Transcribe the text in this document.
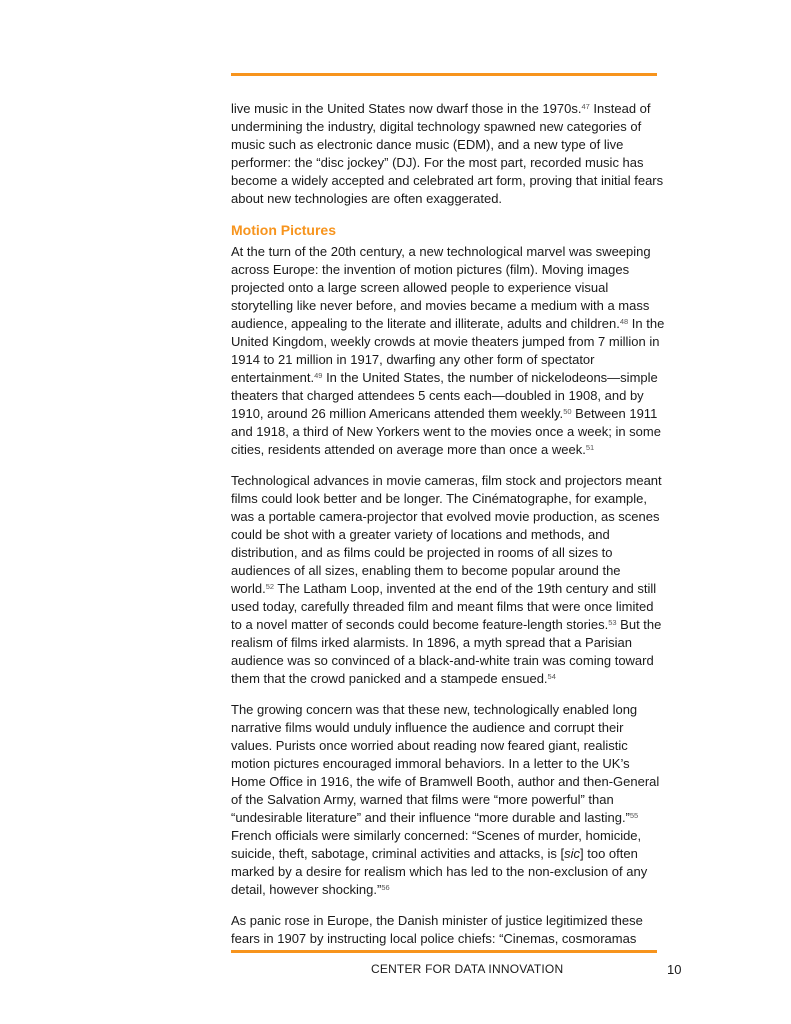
live music in the United States now dwarf those in the 1970s.$^{47}$ Instead of undermining the industry, digital technology spawned new categories of music such as electronic dance music (EDM), and a new type of live performer: the “disc jockey” (DJ). For the most part, recorded music has become a widely accepted and celebrated art form, proving that initial fears about new technologies are often exaggerated.

Motion Pictures

At the turn of the 20th century, a new technological marvel was sweeping across Europe: the invention of motion pictures (film). Moving images projected onto a large screen allowed people to experience visual storytelling like never before, and movies became a medium with a mass audience, appealing to the literate and illiterate, adults and children.$^{48}$ In the United Kingdom, weekly crowds at movie theaters jumped from 7 million in 1914 to 21 million in 1917, dwarfing any other form of spectator entertainment.$^{49}$ In the United States, the number of nickelodeons—simple theaters that charged attendees 5 cents each—doubled in 1908, and by 1910, around 26 million Americans attended them weekly.$^{50}$ Between 1911 and 1918, a third of New Yorkers went to the movies once a week; in some cities, residents attended on average more than once a week.$^{51}$

Technological advances in movie cameras, film stock and projectors meant films could look better and be longer. The Cinématographe, for example, was a portable camera-projector that evolved movie production, as scenes could be shot with a greater variety of locations and methods, and distribution, and as films could be projected in rooms of all sizes to audiences of all sizes, enabling them to become popular around the world.$^{52}$ The Latham Loop, invented at the end of the 19th century and still used today, carefully threaded film and meant films that were once limited to a novel matter of seconds could become feature-length stories.$^{53}$ But the realism of films irked alarmists. In 1896, a myth spread that a Parisian audience was so convinced of a black-and-white train was coming toward them that the crowd panicked and a stampede ensued.$^{54}$

The growing concern was that these new, technologically enabled long narrative films would unduly influence the audience and corrupt their values. Purists once worried about reading now feared giant, realistic motion pictures encouraged immoral behaviors. In a letter to the UK’s Home Office in 1916, the wife of Bramwell Booth, author and then-General of the Salvation Army, warned that films were “more powerful” than “undesirable literature” and their influence “more durable and lasting.”$^{55}$ French officials were similarly concerned: “Scenes of murder, homicide, suicide, theft, sabotage, criminal activities and attacks, is [sic] too often marked by a desire for realism which has led to the non-exclusion of any detail, however shocking.”$^{56}$

As panic rose in Europe, the Danish minister of justice legitimized these fears in 1907 by instructing local police chiefs: “Cinemas, cosmoramas

CENTER FOR DATA INNOVATION	10
